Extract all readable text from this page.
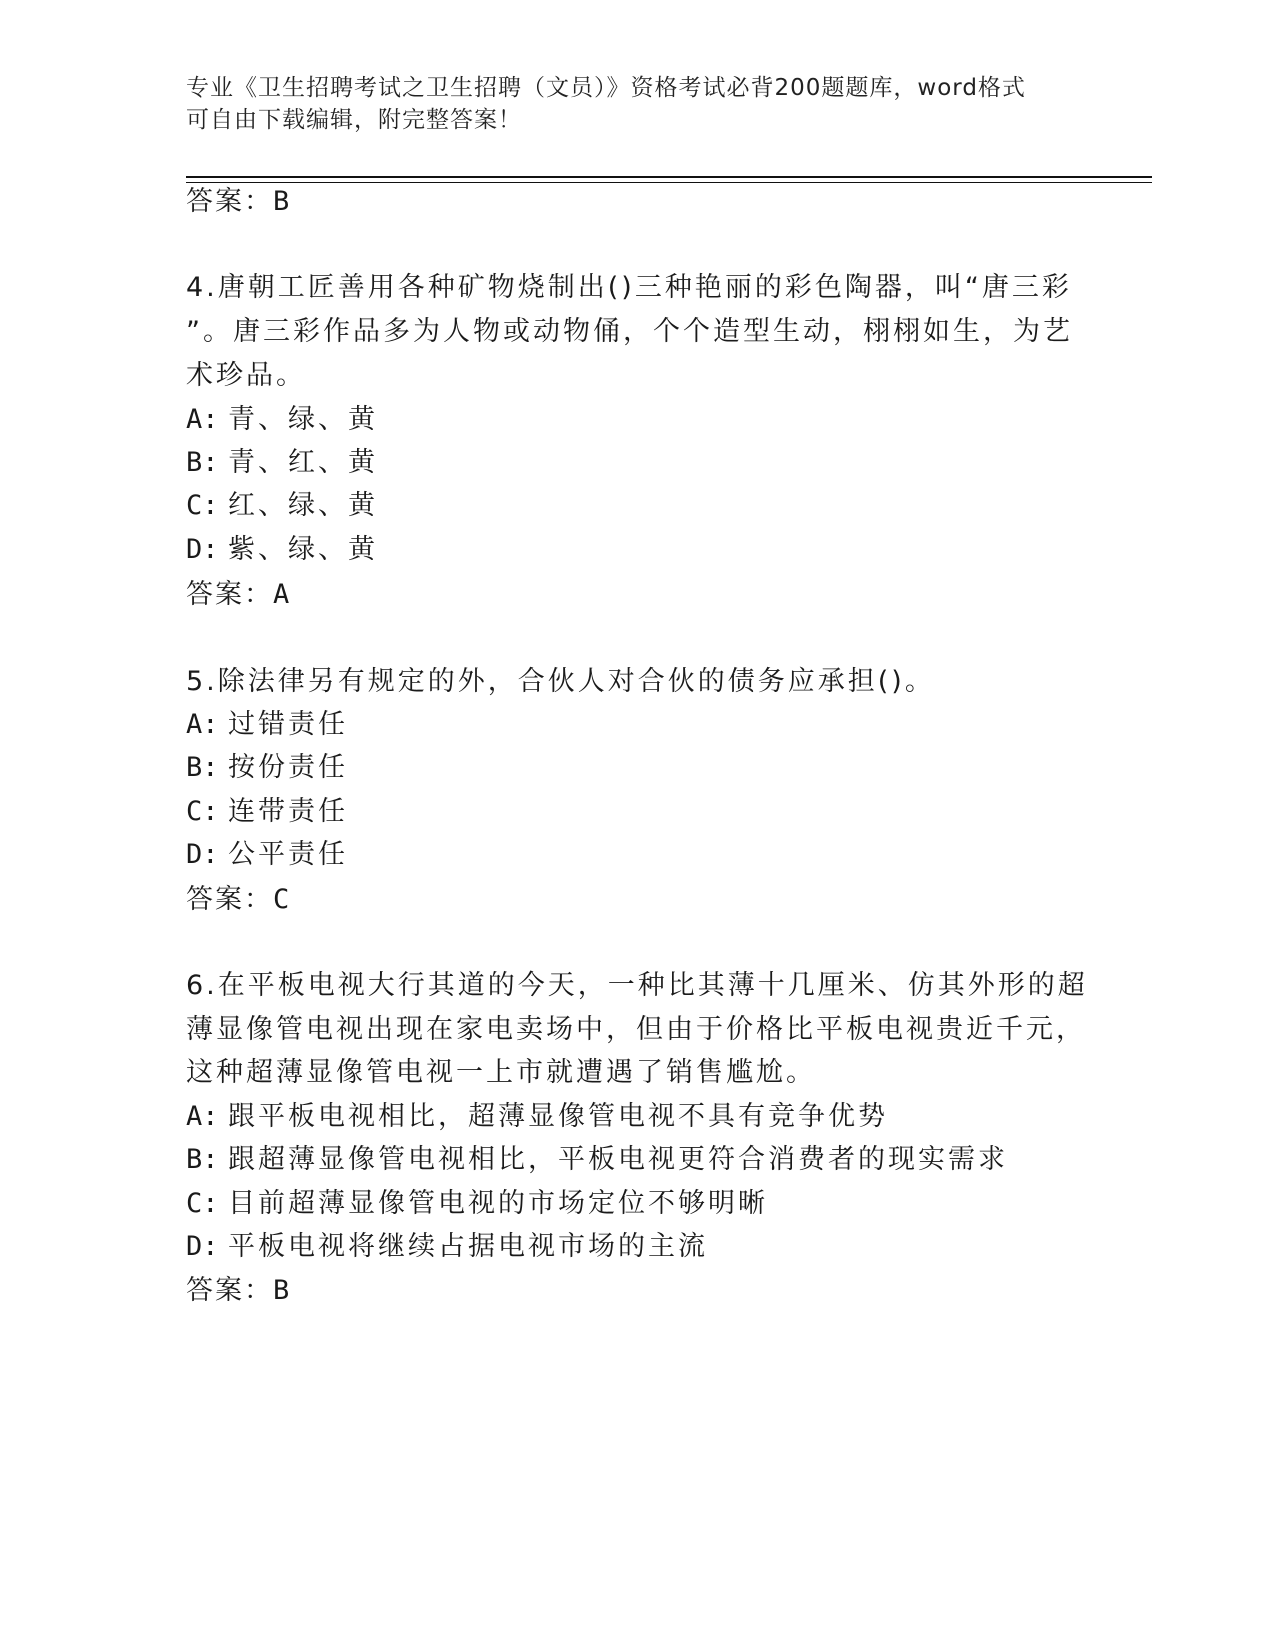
专业《卫生招聘考试之卫生招聘（文员）》资格考试必背200题题库，word格式
可自由下载编辑，附完整答案！
答案：B
4.唐朝工匠善用各种矿物烧制出()三种艳丽的彩色陶器，叫“唐三彩
”。唐三彩作品多为人物或动物俑，个个造型生动，栩栩如生，为艺
术珍品。
A: 青、绿、黄
B: 青、红、黄
C: 红、绿、黄
D: 紫、绿、黄
答案：A
5.除法律另有规定的外，合伙人对合伙的债务应承担()。
A: 过错责任
B: 按份责任
C: 连带责任
D: 公平责任
答案：C
6.在平板电视大行其道的今天，一种比其薄十几厘米、仿其外形的超
薄显像管电视出现在家电卖场中，但由于价格比平板电视贵近千元，
这种超薄显像管电视一上市就遭遇了销售尴尬。
A: 跟平板电视相比，超薄显像管电视不具有竞争优势
B: 跟超薄显像管电视相比，平板电视更符合消费者的现实需求
C: 目前超薄显像管电视的市场定位不够明晰
D: 平板电视将继续占据电视市场的主流
答案：B
